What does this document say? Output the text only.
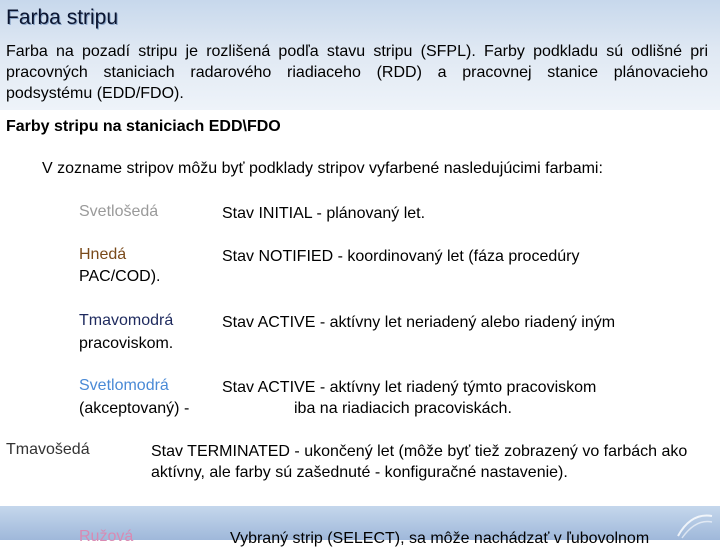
Farba stripu

Farba na pozadí stripu je rozlišená podľa stavu stripu (SFPL). Farby podkladu sú odlišné pri pracovných staniciach radarového riadiaceho (RDD) a pracovnej stanice plánovacieho podsystému (EDD/FDO).

Farby stripu na staniciach EDD\FDO

V zozname stripov môžu byť podklady stripov vyfarbené nasledujúcimi farbami:

Svetlošedá	Stav INITIAL - plánovaný let.

Hnedá	Stav NOTIFIED - koordinovaný let (fáza procedúry

PAC/COD).

Tmavomodrá	Stav ACTIVE - aktívny let neriadený alebo riadený iným

pracoviskom.

Svetlomodrá	Stav ACTIVE - aktívny let riadený týmto pracoviskom

(akceptovaný) -	iba na riadiacich pracoviskách.

Tmavošedá	Stav TERMINATED - ukončený let (môže byť tiež zobrazený vo farbách ako aktívny, ale farby sú zašednuté - konfiguračné nastavenie).

Ružová	Vybraný strip (SELECT), sa môže nachádzať v ľubovolnom
